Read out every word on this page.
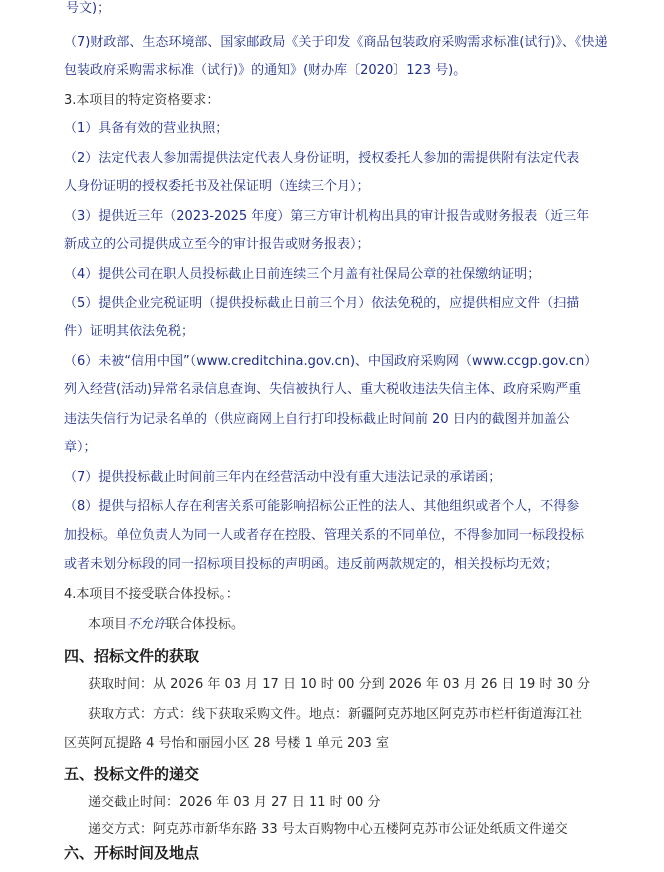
号文)；
（7)财政部、生态环境部、国家邮政局《关于印发《商品包装政府采购需求标准(试行)》、《快递
包装政府采购需求标准（试行)》的通知》(财办库〔2020〕123 号)。
3.本项目的特定资格要求：
（1）具备有效的营业执照；
（2）法定代表人参加需提供法定代表人身份证明，授权委托人参加的需提供附有法定代表
人身份证明的授权委托书及社保证明（连续三个月）；
（3）提供近三年（2023-2025 年度）第三方审计机构出具的审计报告或财务报表（近三年
新成立的公司提供成立至今的审计报告或财务报表）；
（4）提供公司在职人员投标截止日前连续三个月盖有社保局公章的社保缴纳证明；
（5）提供企业完税证明（提供投标截止日前三个月）依法免税的，应提供相应文件（扫描
件）证明其依法免税；
（6）未被“信用中国”（www.creditchina.gov.cn)、中国政府采购网（www.ccgp.gov.cn）
列入经营(活动)异常名录信息查询、失信被执行人、重大税收违法失信主体、政府采购严重
违法失信行为记录名单的（供应商网上自行打印投标截止时间前 20 日内的截图并加盖公
章）；
（7）提供投标截止时间前三年内在经营活动中没有重大违法记录的承诺函；
（8）提供与招标人存在利害关系可能影响招标公正性的法人、其他组织或者个人，不得参
加投标。单位负责人为同一人或者存在控股、管理关系的不同单位，不得参加同一标段投标
或者未划分标段的同一招标项目投标的声明函。违反前两款规定的，相关投标均无效；
4.本项目不接受联合体投标。：
本项目不允许联合体投标。
四、招标文件的获取
获取时间：从 2026 年 03 月 17 日 10 时 00 分到 2026 年 03 月 26 日 19 时 30 分
获取方式：方式：线下获取采购文件。地点：新疆阿克苏地区阿克苏市栏杆街道海江社
区英阿瓦提路 4 号怡和丽园小区 28 号楼 1 单元 203 室
五、投标文件的递交
递交截止时间：2026 年 03 月 27 日 11 时 00 分
递交方式：阿克苏市新华东路 33 号太百购物中心五楼阿克苏市公证处纸质文件递交
六、开标时间及地点
